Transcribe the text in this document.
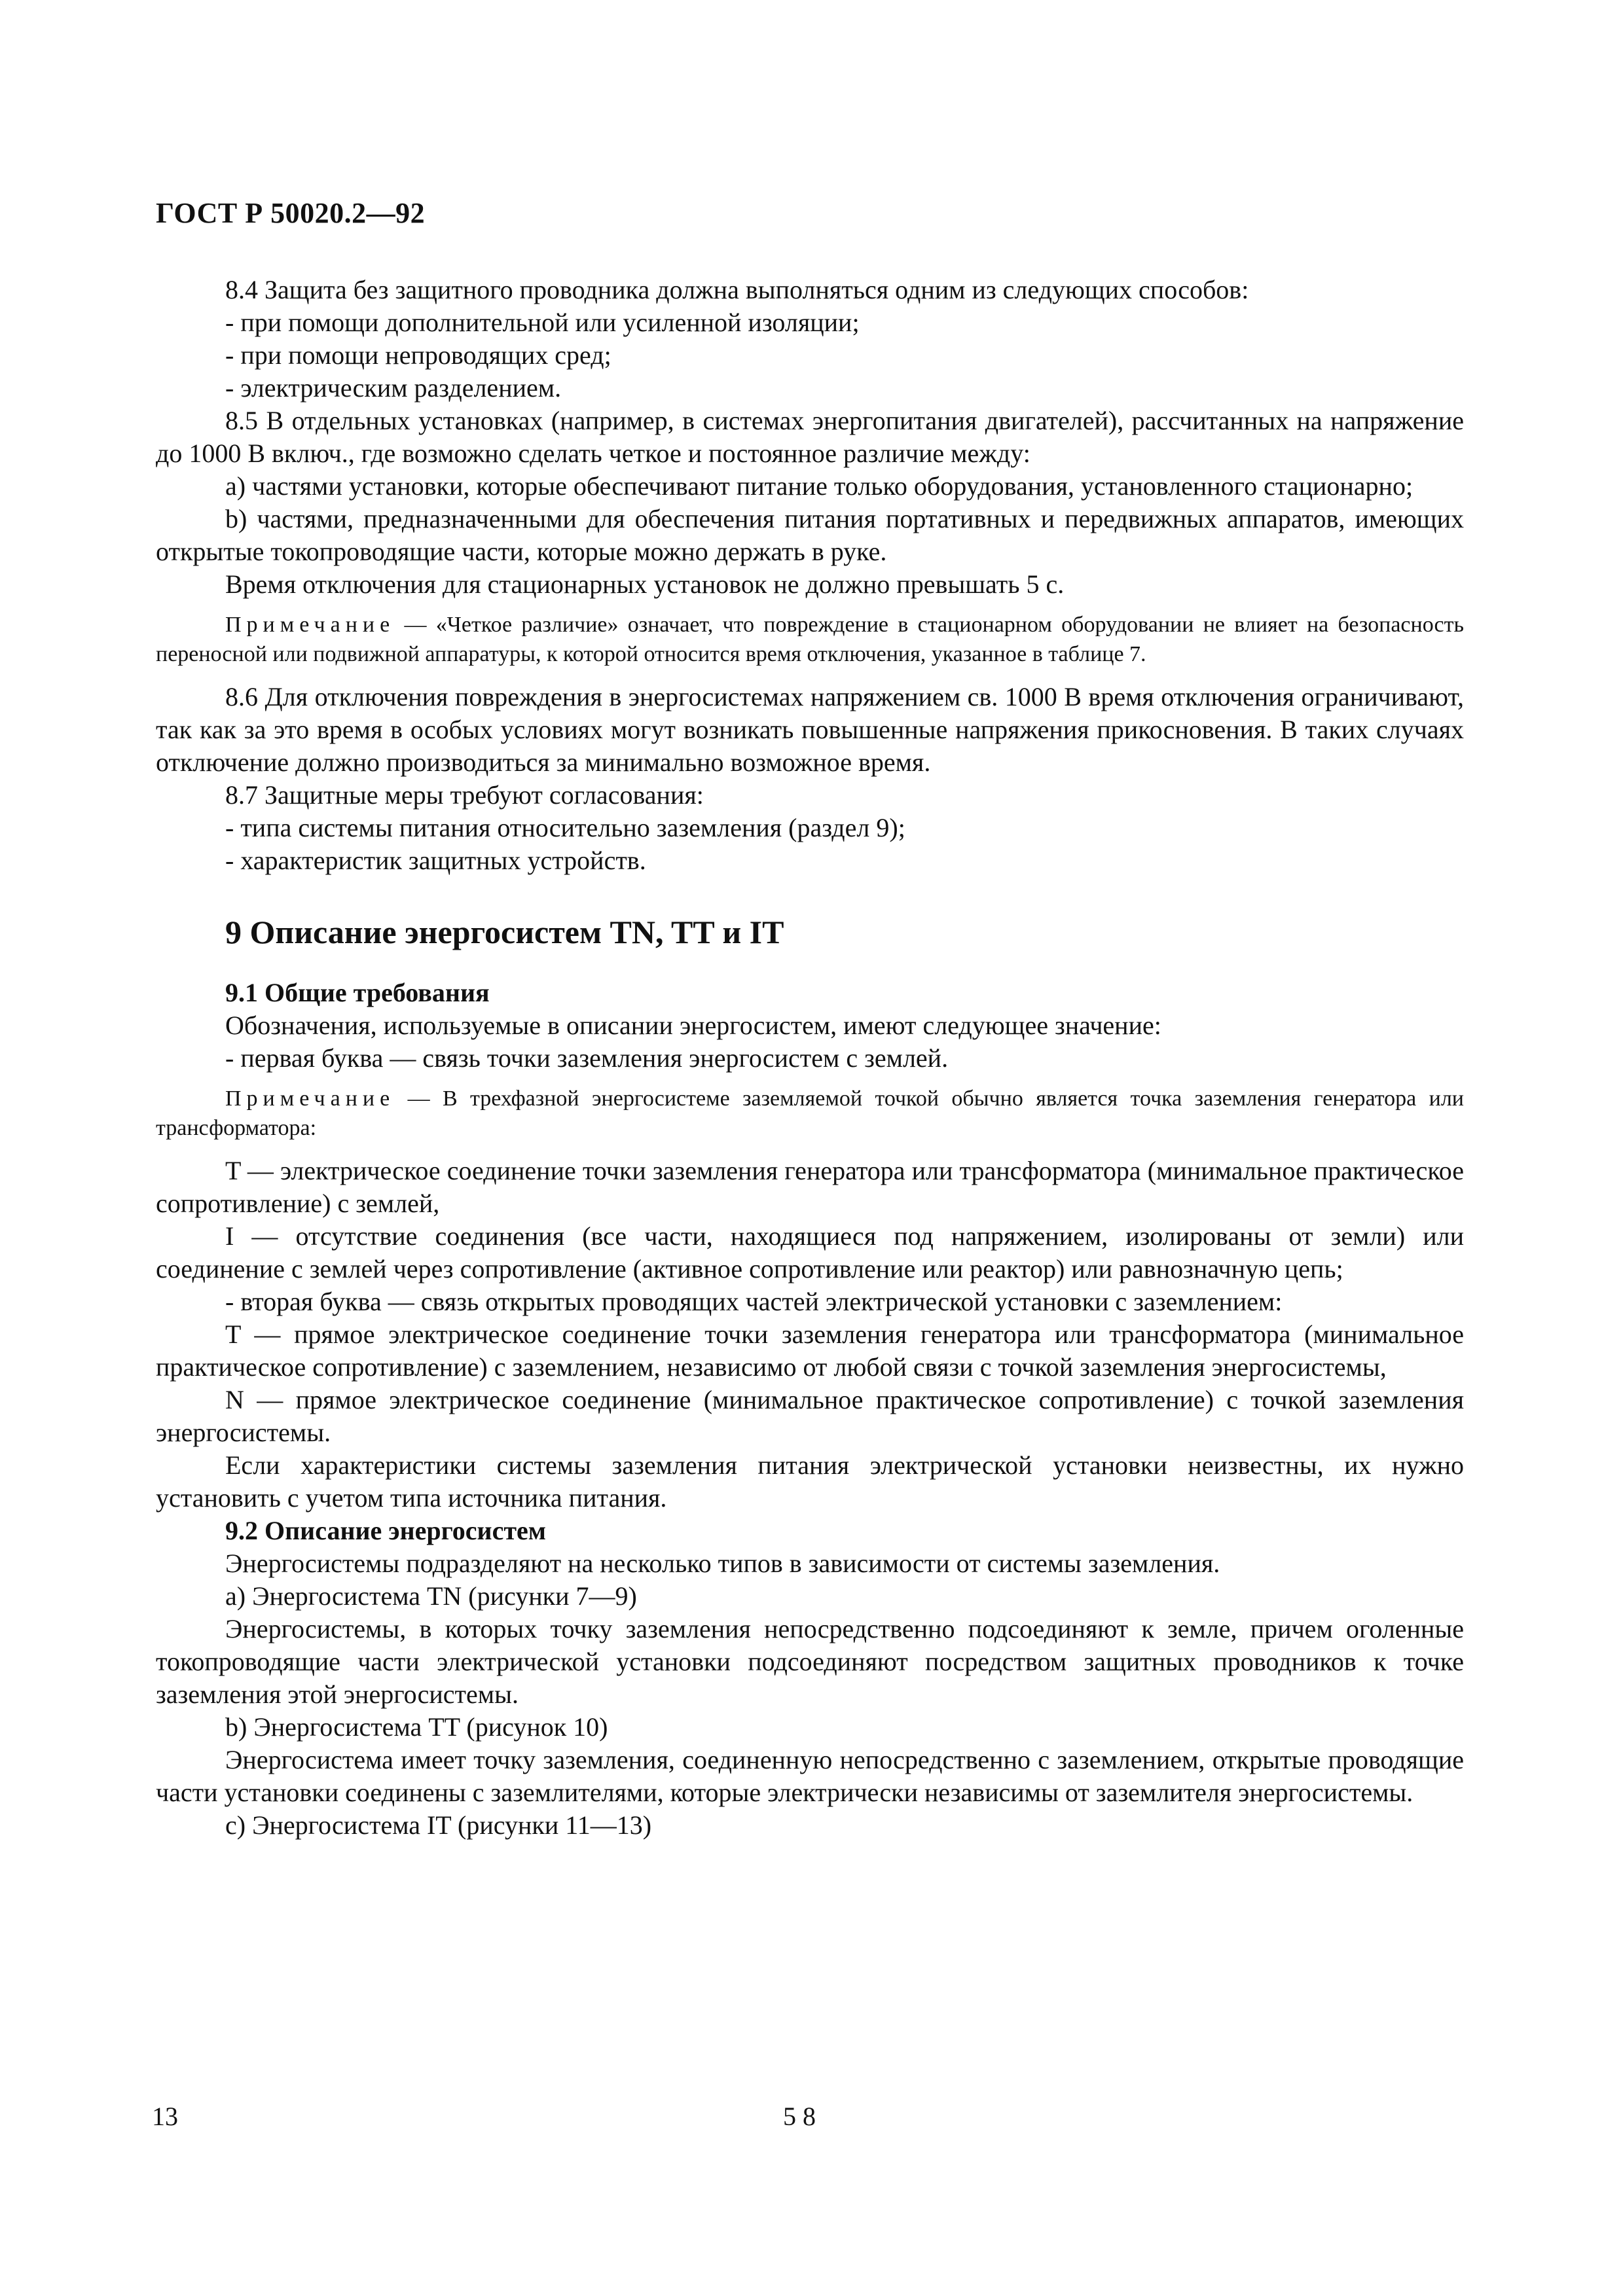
ГОСТ Р 50020.2—92

8.4 Защита без защитного проводника должна выполняться одним из следующих способов:

- при помощи дополнительной или усиленной изоляции;

- при помощи непроводящих сред;

- электрическим разделением.

8.5 В отдельных установках (например, в системах энергопитания двигателей), рассчитанных на напряжение до 1000 В включ., где возможно сделать четкое и постоянное различие между:

a) частями установки, которые обеспечивают питание только оборудования, установленного стационарно;

b) частями, предназначенными для обеспечения питания портативных и передвижных аппаратов, имеющих открытые токопроводящие части, которые можно держать в руке.

Время отключения для стационарных установок не должно превышать 5 с.

Примечание — «Четкое различие» означает, что повреждение в стационарном оборудовании не влияет на безопасность переносной или подвижной аппаратуры, к которой относится время отключения, указанное в таблице 7.

8.6 Для отключения повреждения в энергосистемах напряжением св. 1000 В время отключения ограничивают, так как за это время в особых условиях могут возникать повышенные напряжения прикосновения. В таких случаях отключение должно производиться за минимально возможное время.

8.7 Защитные меры требуют согласования:

- типа системы питания относительно заземления (раздел 9);

- характеристик защитных устройств.

9 Описание энергосистем TN, TT и IT

9.1 Общие требования

Обозначения, используемые в описании энергосистем, имеют следующее значение:

- первая буква — связь точки заземления энергосистем с землей.

Примечание — В трехфазной энергосистеме заземляемой точкой обычно является точка заземления генератора или трансформатора:

T — электрическое соединение точки заземления генератора или трансформатора (минимальное практическое сопротивление) с землей,

I — отсутствие соединения (все части, находящиеся под напряжением, изолированы от земли) или соединение с землей через сопротивление (активное сопротивление или реактор) или равнозначную цепь;

- вторая буква — связь открытых проводящих частей электрической установки с заземлением:

T — прямое электрическое соединение точки заземления генератора или трансформатора (минимальное практическое сопротивление) с заземлением, независимо от любой связи с точкой заземления энергосистемы,

N — прямое электрическое соединение (минимальное практическое сопротивление) с точкой заземления энергосистемы.

Если характеристики системы заземления питания электрической установки неизвестны, их нужно установить с учетом типа источника питания.

9.2 Описание энергосистем

Энергосистемы подразделяют на несколько типов в зависимости от системы заземления.

a) Энергосистема TN (рисунки 7—9)

Энергосистемы, в которых точку заземления непосредственно подсоединяют к земле, причем оголенные токопроводящие части электрической установки подсоединяют посредством защитных проводников к точке заземления этой энергосистемы.

b) Энергосистема TT (рисунок 10)

Энергосистема имеет точку заземления, соединенную непосредственно с заземлением, открытые проводящие части установки соединены с заземлителями, которые электрически независимы от заземлителя энергосистемы.

c) Энергосистема IT (рисунки 11—13)

13	58
